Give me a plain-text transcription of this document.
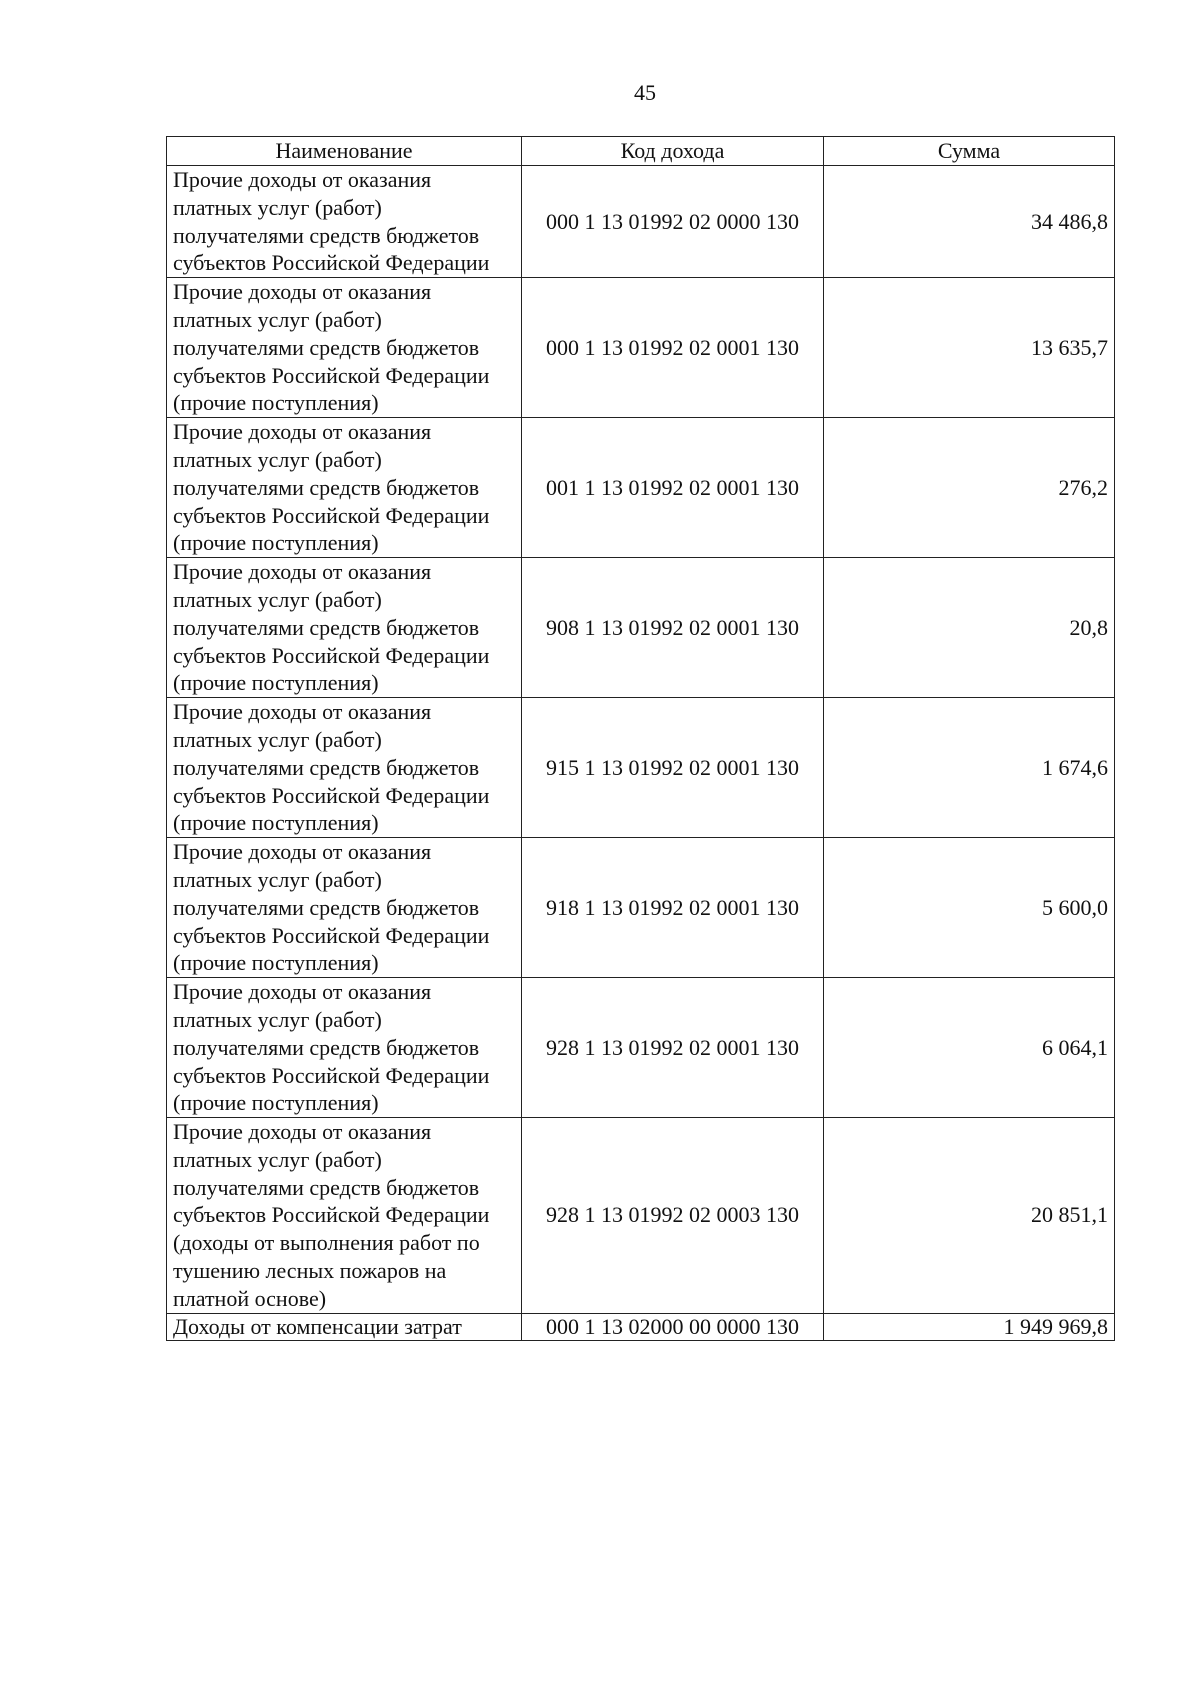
45
Наименование	Код дохода	Сумма
Прочие доходы от оказания платных услуг (работ) получателями средств бюджетов субъектов Российской Федерации	000 1 13 01992 02 0000 130	34 486,8
Прочие доходы от оказания платных услуг (работ) получателями средств бюджетов субъектов Российской Федерации (прочие поступления)	000 1 13 01992 02 0001 130	13 635,7
Прочие доходы от оказания платных услуг (работ) получателями средств бюджетов субъектов Российской Федерации (прочие поступления)	001 1 13 01992 02 0001 130	276,2
Прочие доходы от оказания платных услуг (работ) получателями средств бюджетов субъектов Российской Федерации (прочие поступления)	908 1 13 01992 02 0001 130	20,8
Прочие доходы от оказания платных услуг (работ) получателями средств бюджетов субъектов Российской Федерации (прочие поступления)	915 1 13 01992 02 0001 130	1 674,6
Прочие доходы от оказания платных услуг (работ) получателями средств бюджетов субъектов Российской Федерации (прочие поступления)	918 1 13 01992 02 0001 130	5 600,0
Прочие доходы от оказания платных услуг (работ) получателями средств бюджетов субъектов Российской Федерации (прочие поступления)	928 1 13 01992 02 0001 130	6 064,1
Прочие доходы от оказания платных услуг (работ) получателями средств бюджетов субъектов Российской Федерации (доходы от выполнения работ по тушению лесных пожаров на платной основе)	928 1 13 01992 02 0003 130	20 851,1
Доходы от компенсации затрат	000 1 13 02000 00 0000 130	1 949 969,8
